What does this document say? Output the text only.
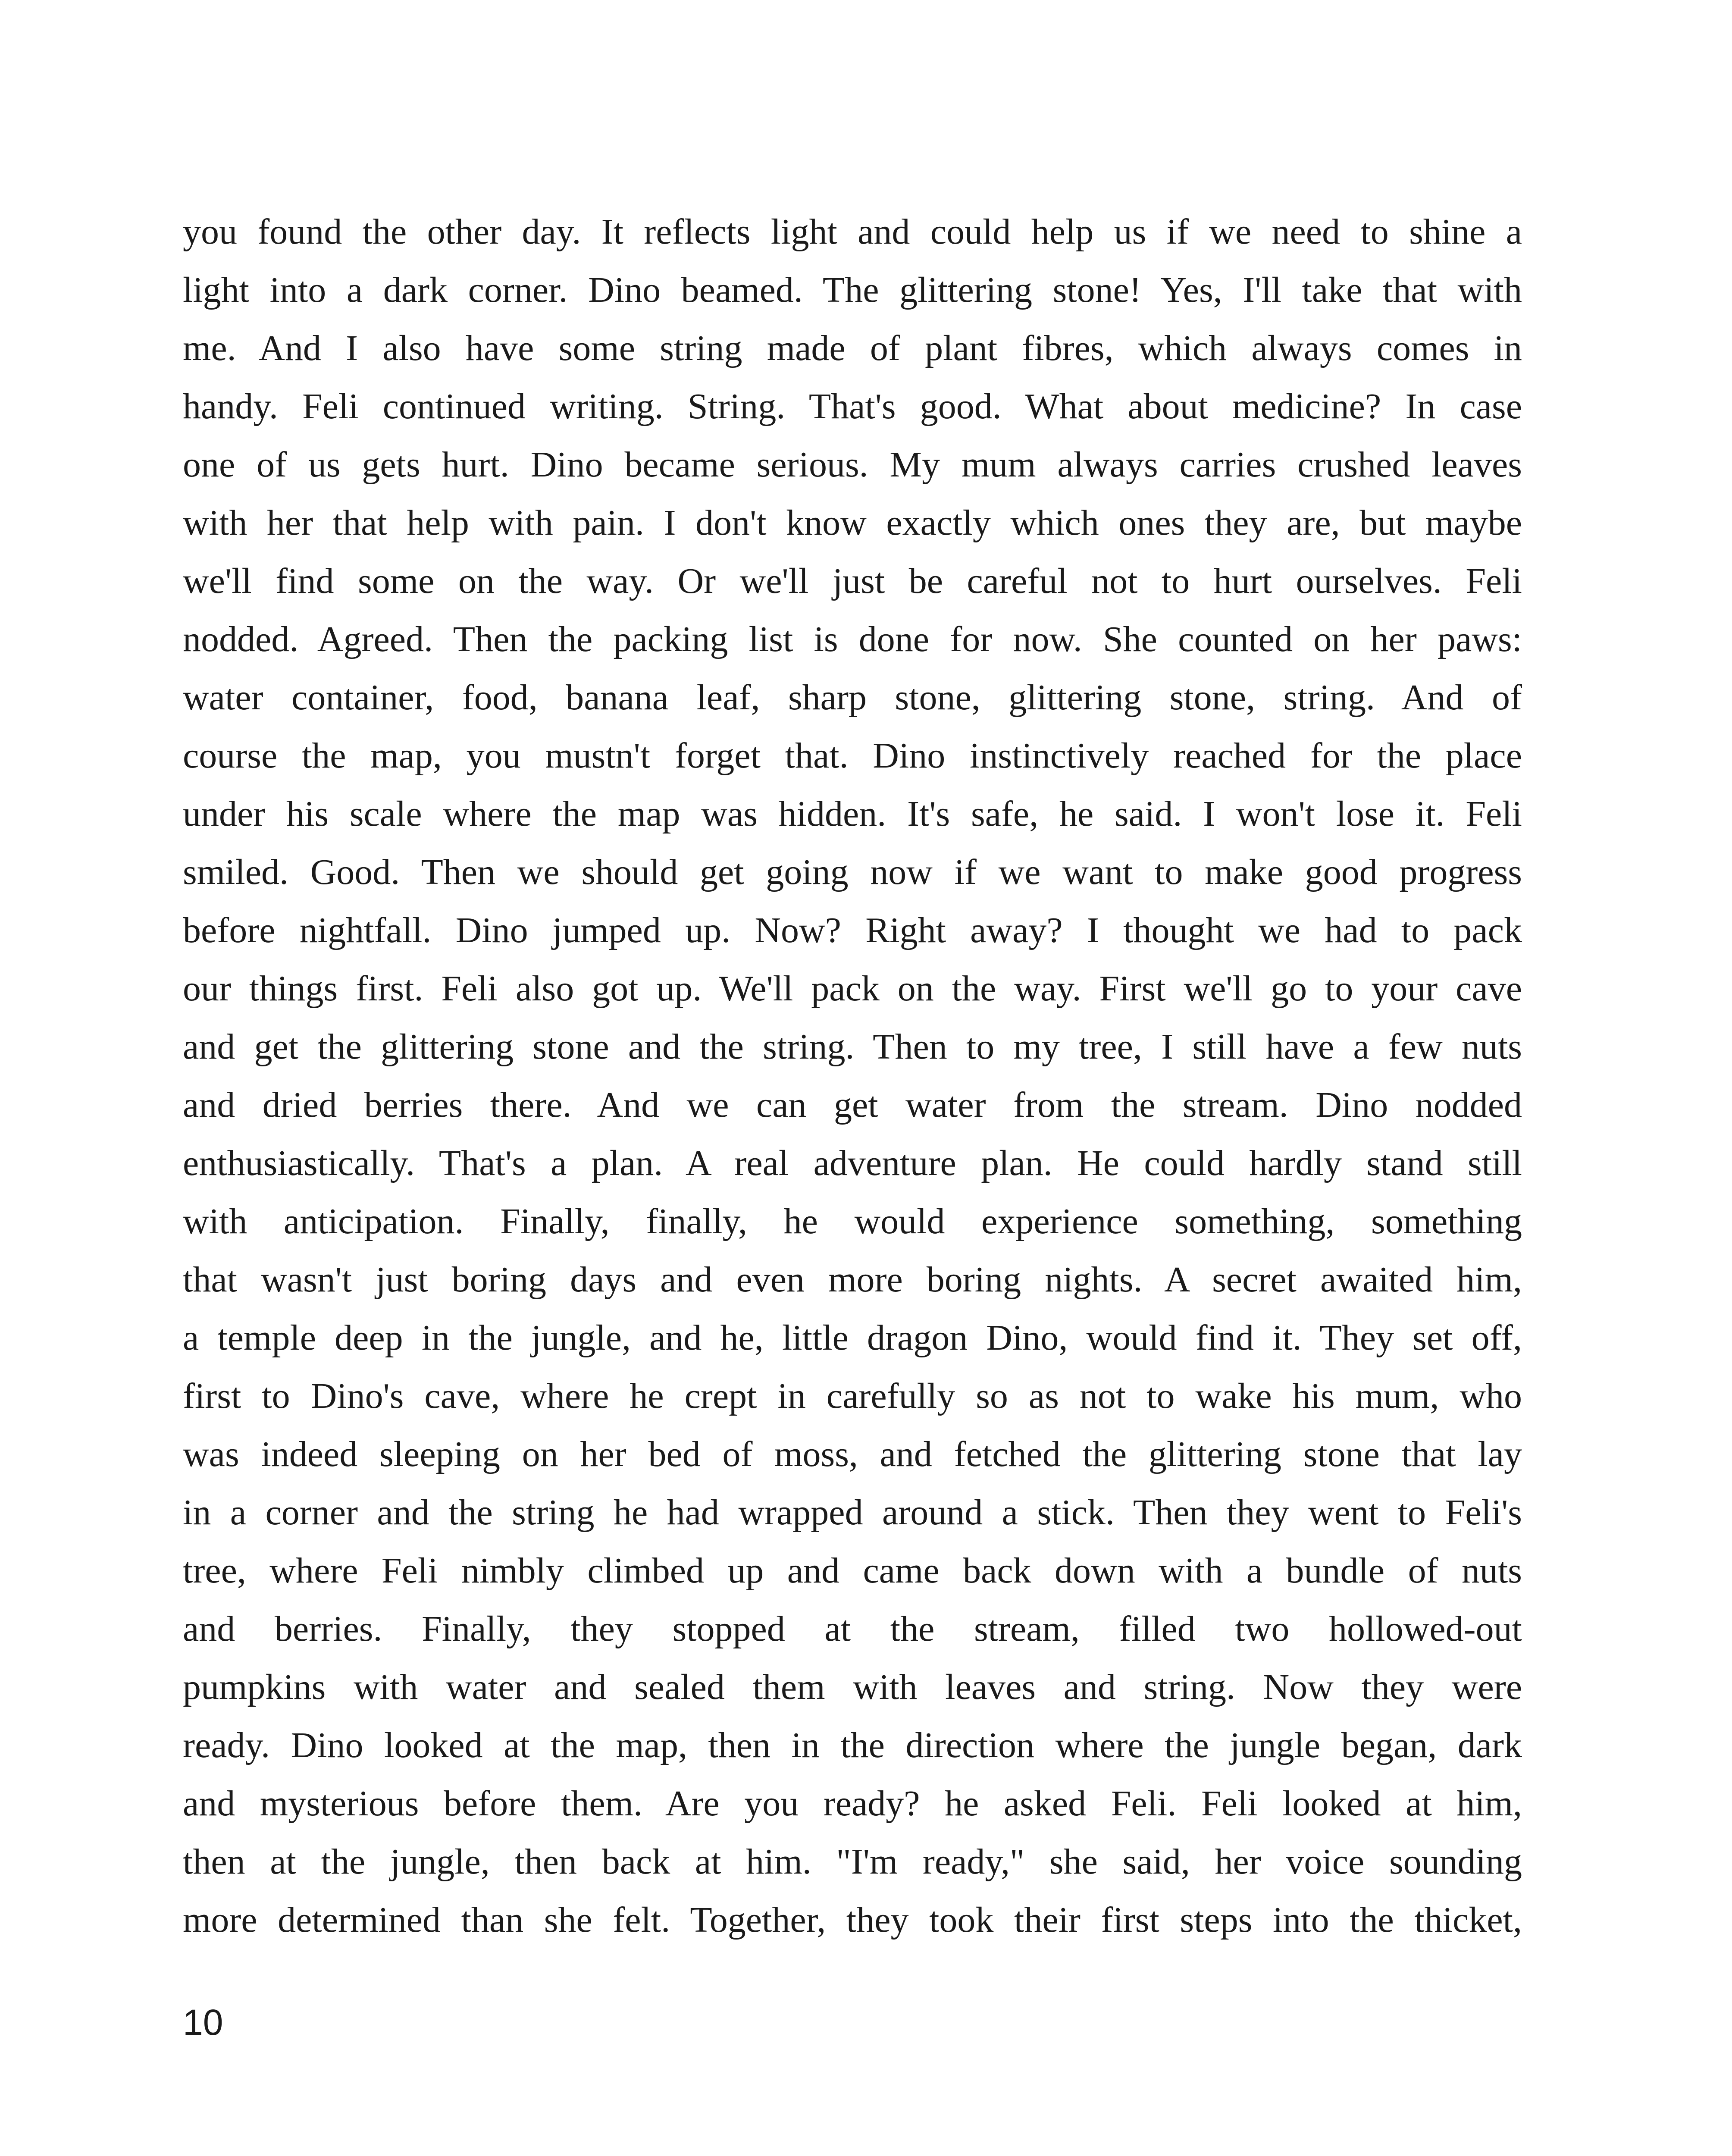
you found the other day. It reflects light and could help us if we need to shine a
light into a dark corner. Dino beamed. The glittering stone! Yes, I'll take that with
me. And I also have some string made of plant fibres, which always comes in
handy. Feli continued writing. String. That's good. What about medicine? In case
one of us gets hurt. Dino became serious. My mum always carries crushed leaves
with her that help with pain. I don't know exactly which ones they are, but maybe
we'll find some on the way. Or we'll just be careful not to hurt ourselves. Feli
nodded. Agreed. Then the packing list is done for now. She counted on her paws:
water container, food, banana leaf, sharp stone, glittering stone, string. And of
course the map, you mustn't forget that. Dino instinctively reached for the place
under his scale where the map was hidden. It's safe, he said. I won't lose it. Feli
smiled. Good. Then we should get going now if we want to make good progress
before nightfall. Dino jumped up. Now? Right away? I thought we had to pack
our things first. Feli also got up. We'll pack on the way. First we'll go to your cave
and get the glittering stone and the string. Then to my tree, I still have a few nuts
and dried berries there. And we can get water from the stream. Dino nodded
enthusiastically. That's a plan. A real adventure plan. He could hardly stand still
with anticipation. Finally, finally, he would experience something, something
that wasn't just boring days and even more boring nights. A secret awaited him,
a temple deep in the jungle, and he, little dragon Dino, would find it. They set off,
first to Dino's cave, where he crept in carefully so as not to wake his mum, who
was indeed sleeping on her bed of moss, and fetched the glittering stone that lay
in a corner and the string he had wrapped around a stick. Then they went to Feli's
tree, where Feli nimbly climbed up and came back down with a bundle of nuts
and berries. Finally, they stopped at the stream, filled two hollowed-out
pumpkins with water and sealed them with leaves and string. Now they were
ready. Dino looked at the map, then in the direction where the jungle began, dark
and mysterious before them. Are you ready? he asked Feli. Feli looked at him,
then at the jungle, then back at him. "I'm ready," she said, her voice sounding
more determined than she felt. Together, they took their first steps into the thicket,
10
